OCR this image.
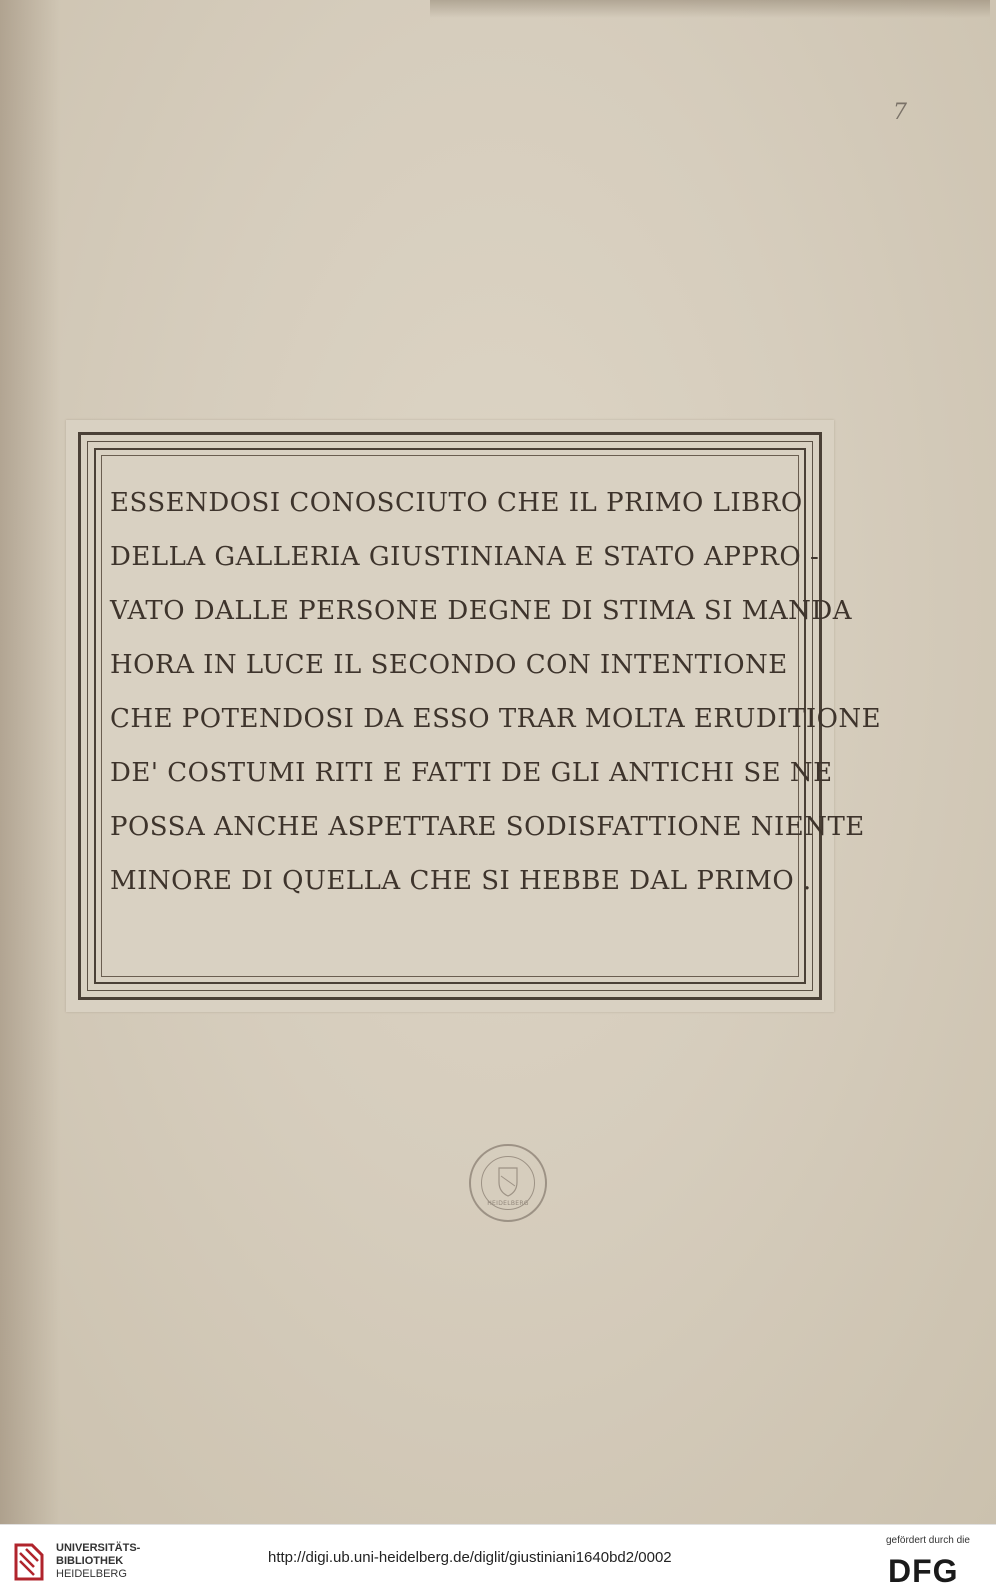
7
ESSENDOSI CONOSCIUTO CHE IL PRIMO LIBRO
DELLA GALLERIA GIUSTINIANA E STATO APPRO -
VATO DALLE PERSONE DEGNE DI STIMA SI MANDA
HORA IN LUCE IL SECONDO CON INTENTIONE
CHE POTENDOSI DA ESSO TRAR MOLTA ERUDITIONE
DE' COSTUMI RITI E FATTI DE GLI ANTICHI SE NE
POSSA ANCHE ASPETTARE SODISFATTIONE NIENTE
MINORE DI QUELLA CHE SI HEBBE DAL PRIMO .
HEIDELBERG
UNIVERSITÄTS-
BIBLIOTHEK
HEIDELBERG
http://digi.ub.uni-heidelberg.de/diglit/giustiniani1640bd2/0002
gefördert durch die
DFG
